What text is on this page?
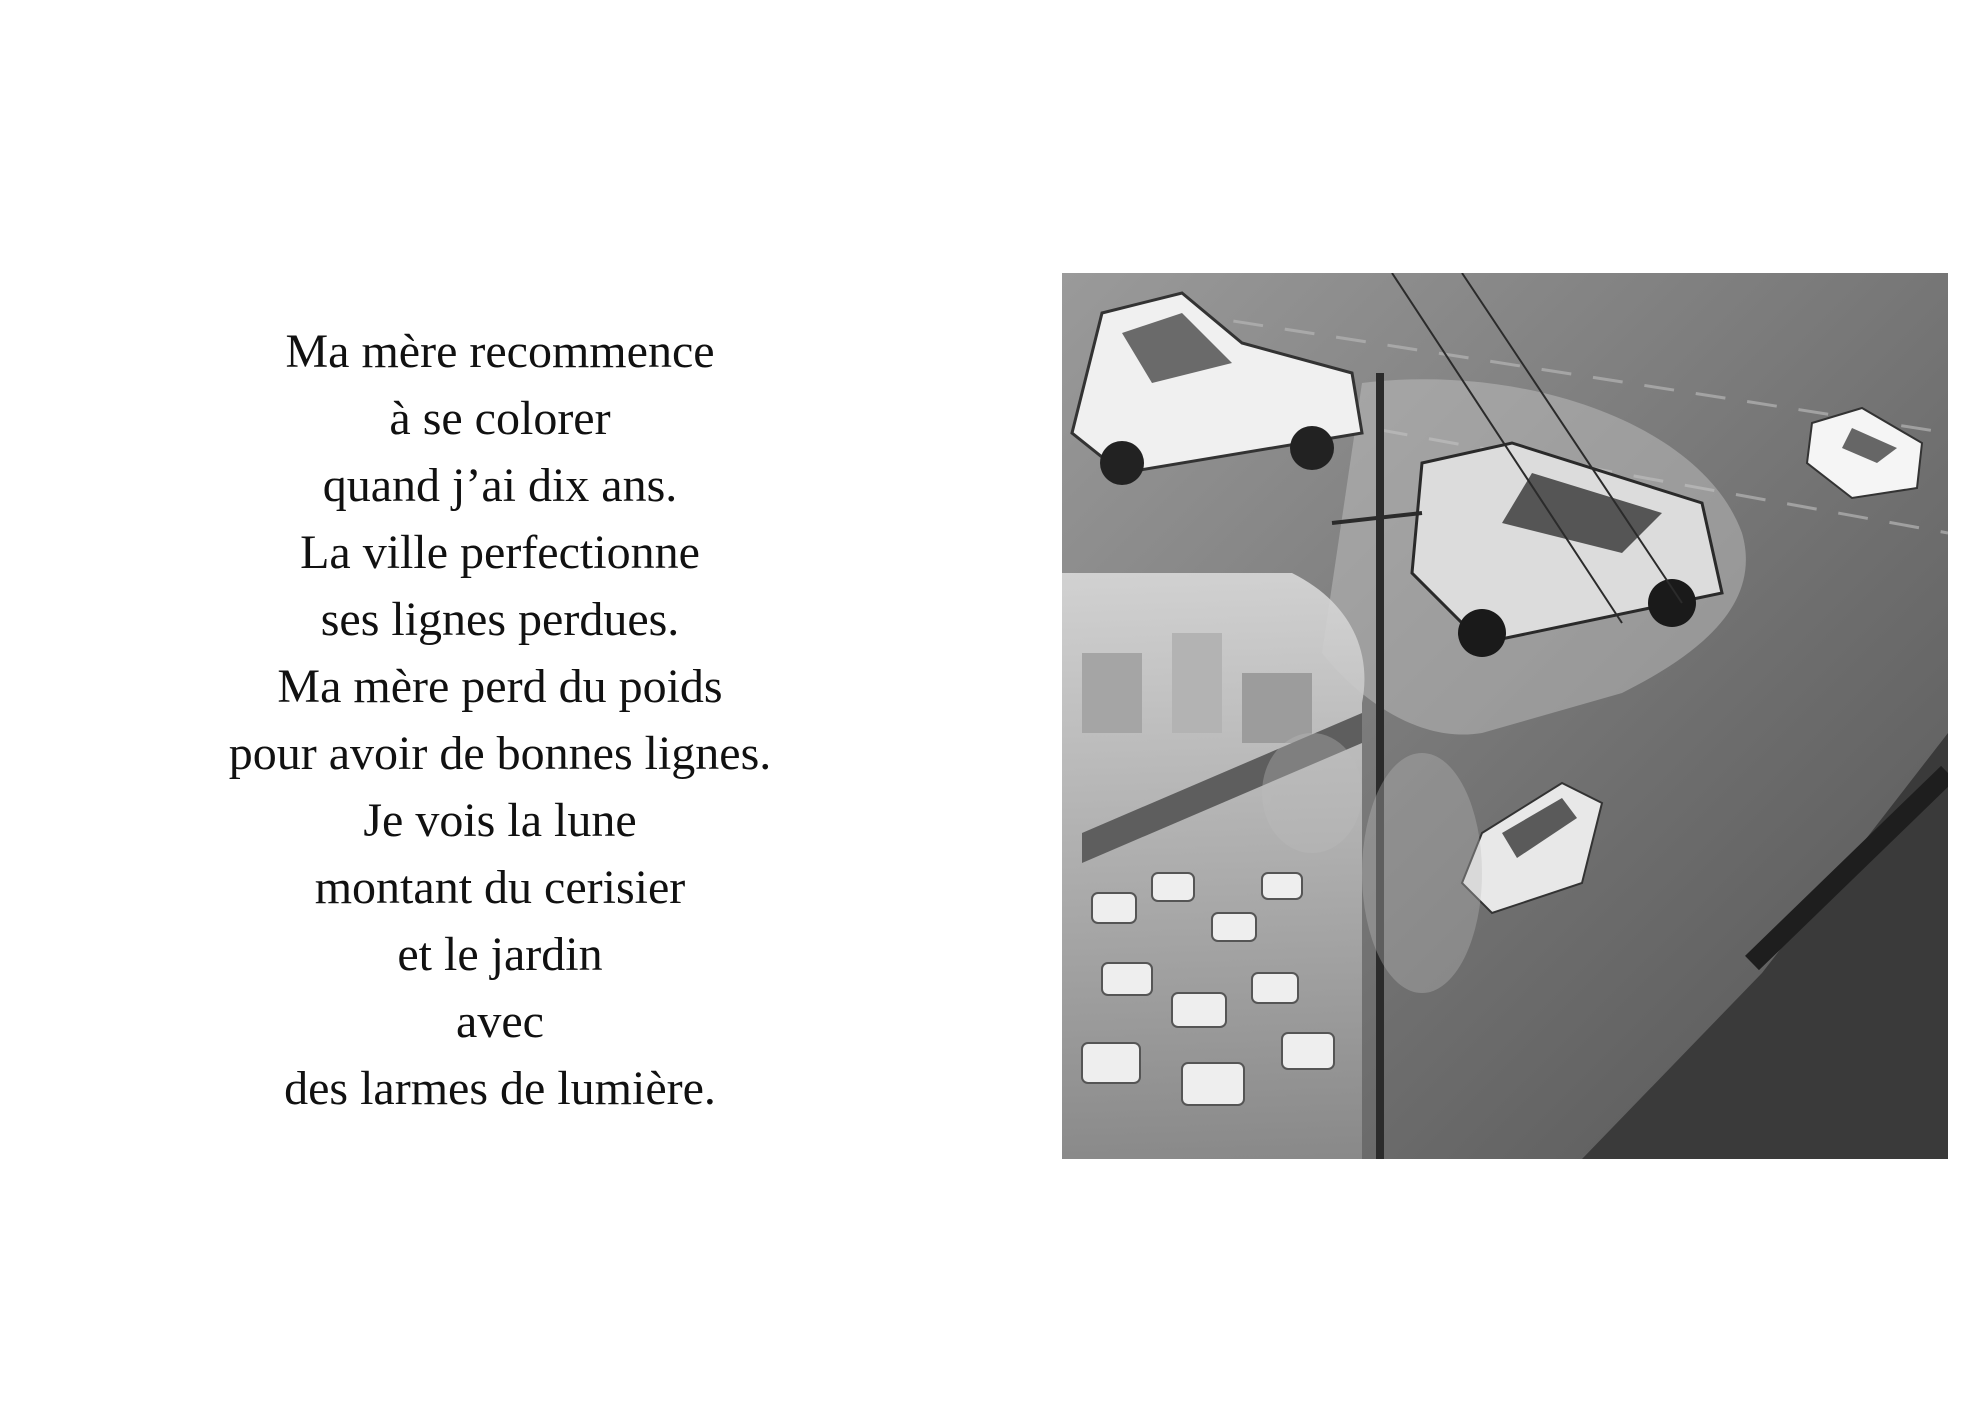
Ma mère recommence
à se colorer
quand j’ai dix ans.
La ville perfectionne
ses lignes perdues.
Ma mère perd du poids
pour avoir de bonnes lignes.
Je vois la lune
montant du cerisier
et le jardin
avec
des larmes de lumière.
